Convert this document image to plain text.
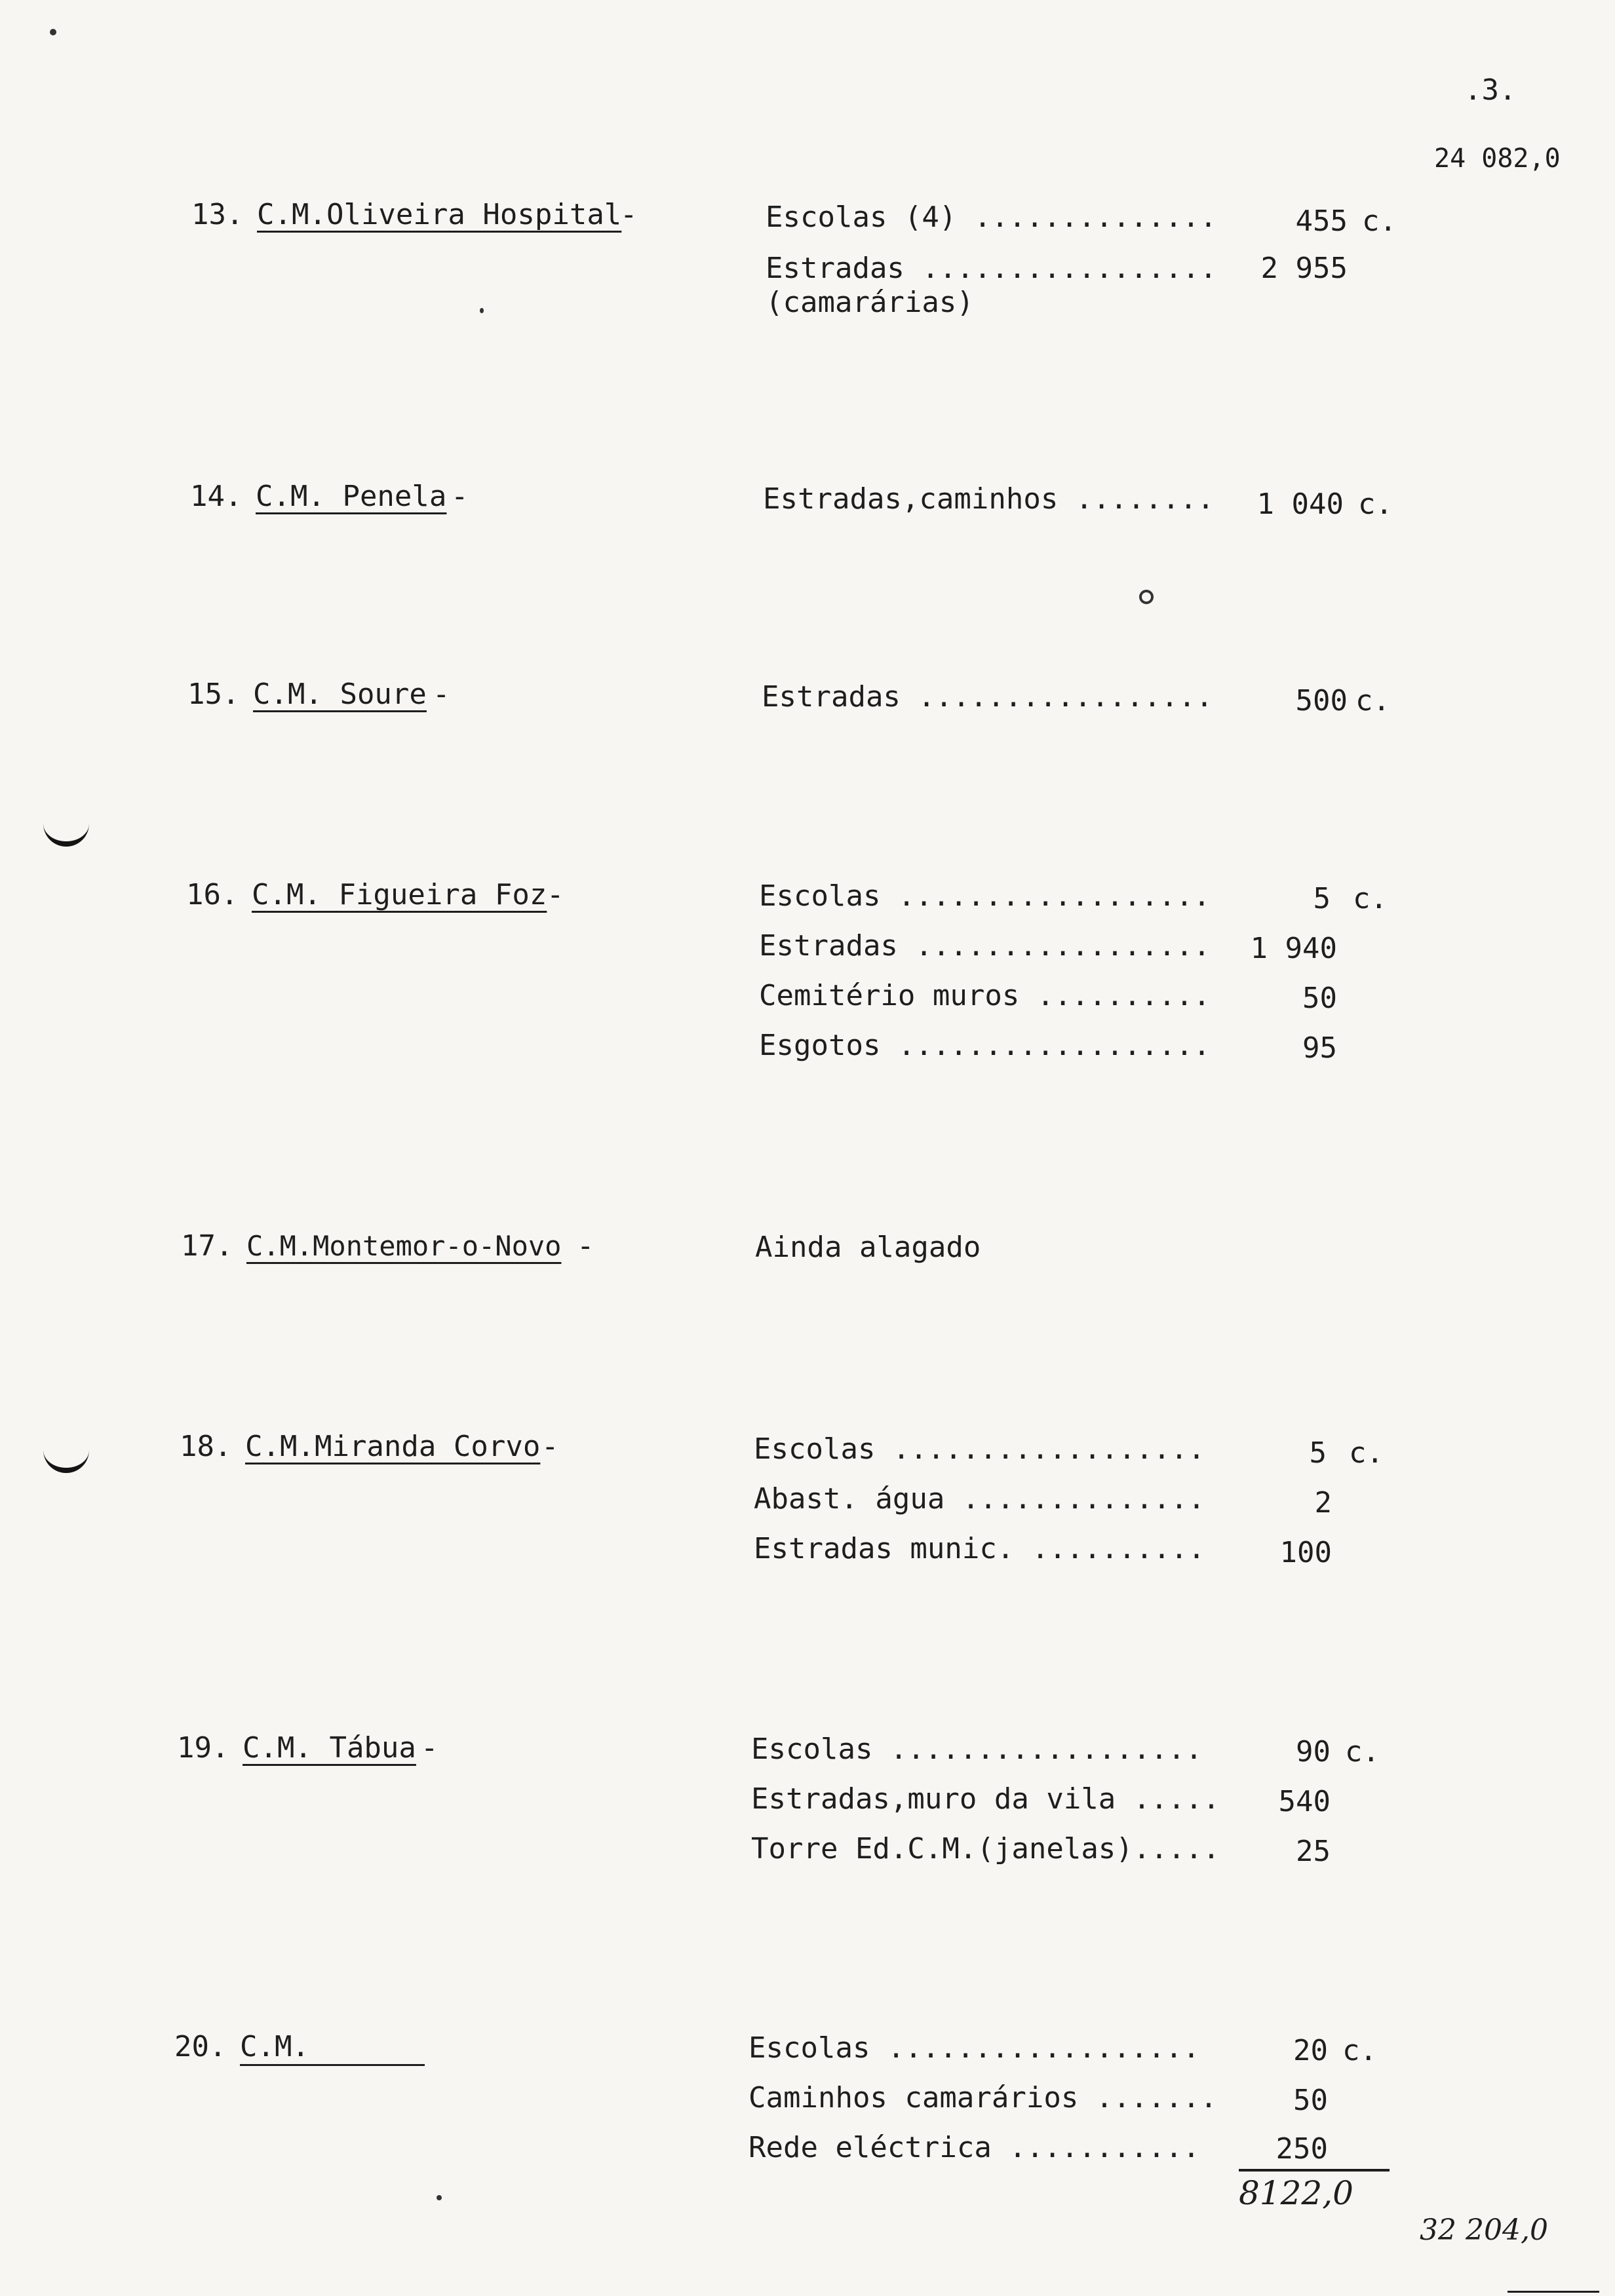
.3.
24 082,0
13. C.M.Oliveira Hospital
-	Escolas (4) ..............	455 c.
Estradas .................	2 955
(camarárias)
14. C.M. Penela -	Estradas,caminhos ........	1 040 c.
15. C.M. Soure -	Estradas .................	500 c.
16. C.M. Figueira Foz -	Escolas ..................	5 c.
Estradas .................	1 940
Cemitério muros ..........	50
Esgotos ..................	95
17. C.M.Montemor-o-Novo -	Ainda alagado
18. C.M.Miranda Corvo -	Escolas ..................	5 c.
Abast. água ..............	2
Estradas munic. ..........	100
19. C.M. Tábua -	Escolas ..................	90 c.
Estradas,muro da vila .....	540
Torre Ed.C.M.(janelas).....	25
20. C.M.	Escolas ..................	20 c.
Caminhos camarários .......	50
Rede eléctrica ...........	250
8122,0
32 204,0
